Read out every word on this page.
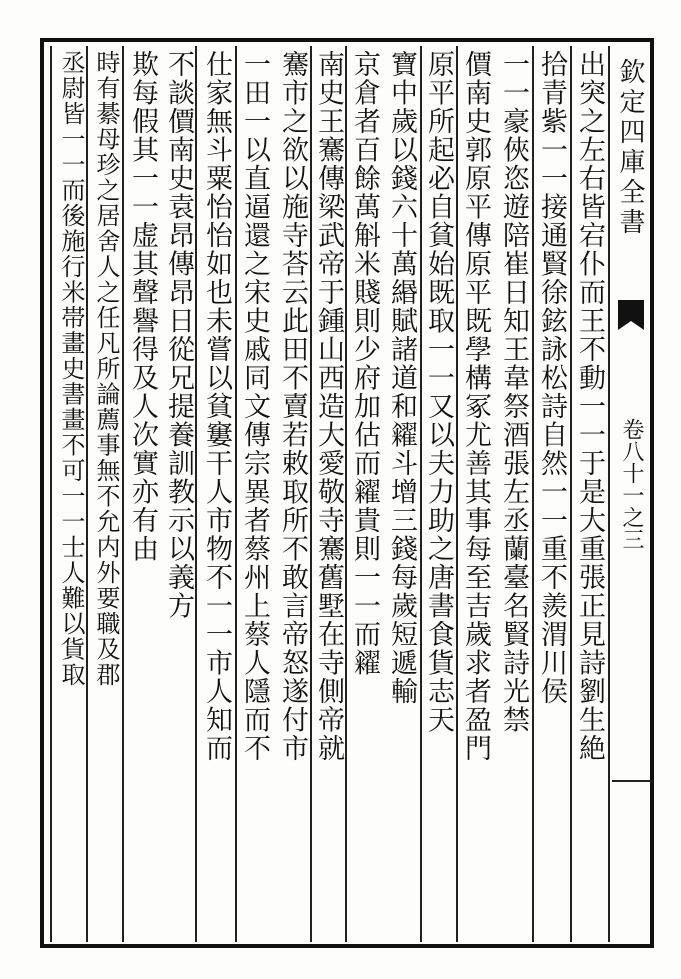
欽定四庫全書
卷八十一之三
出突之左右皆宕仆而王不動一一于是大重張正見詩劉生絶
拾青紫一一接通賢徐鉉詠松詩自然一一重不羨渭川侯
一一豪俠恣遊陪崔日知王韋祭酒張左丞蘭臺名賢詩光禁
價南史郭原平傳原平既學構冢尤善其事每至吉歲求者盈門
原平所起必自貧始既取一一又以夫力助之唐書食貨志天
寶中歲以錢六十萬緡賦諸道和糴斗增三錢每歲短遞輸
京倉者百餘萬斛米賤則少府加估而糴貴則一一而糴
南史王騫傳梁武帝于鍾山西造大愛敬寺騫舊墅在寺側帝就
騫市之欲以施寺荅云此田不賣若敕取所不敢言帝怒遂付市
一田一以直逼還之宋史戚同文傳宗異者蔡州上蔡人隱而不
仕家無斗粟怡怡如也未嘗以貧窶干人市物不一一市人知而
不談價南史袁昂傳昂日從兄提養訓教示以義方
欺每假其一一虚其聲譽得及人次實亦有由
時有綦母珍之居舍人之任凡所論薦事無不允内外要職及郡
丞尉皆一一而後施行米帯畫史書畫不可一一士人難以貨取
